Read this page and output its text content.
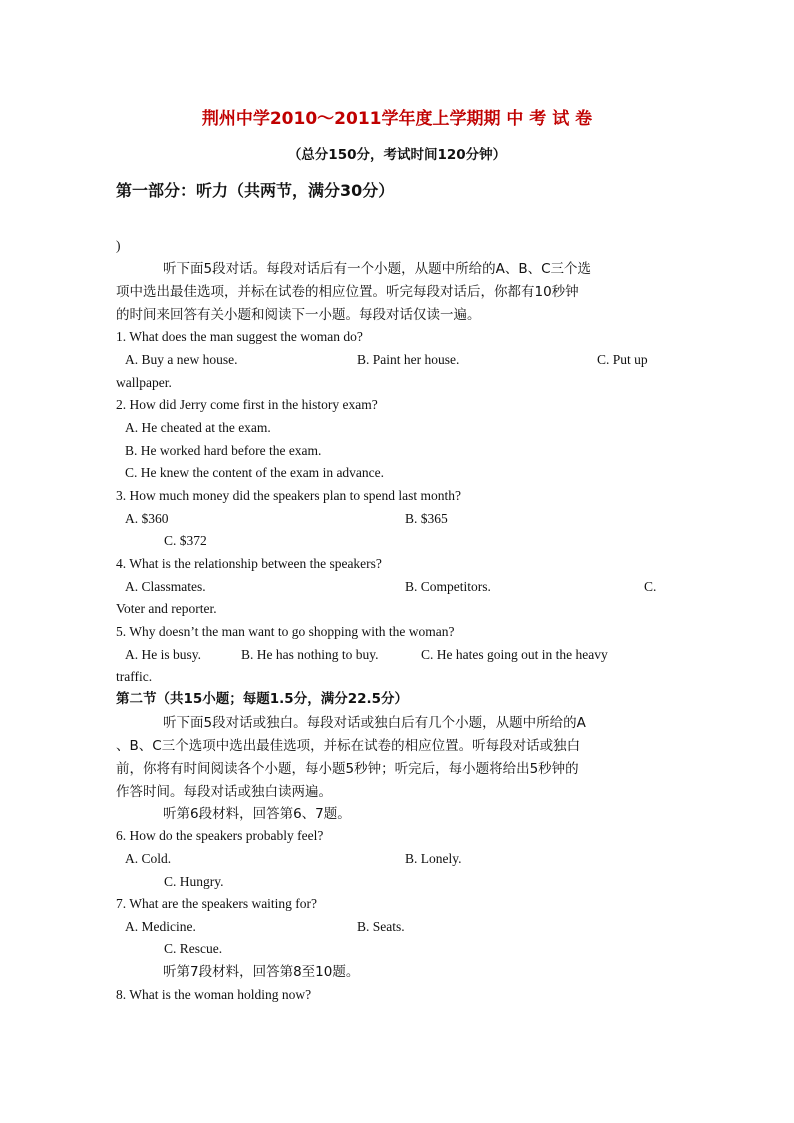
荆州中学2010～2011学年度上学期期 中 考 试 卷
（总分150分，考试时间120分钟）
第一部分：听力（共两节，满分30分）
)
听下面5段对话。每段对话后有一个小题，从题中所给的A、B、C三个选
项中选出最佳选项，并标在试卷的相应位置。听完每段对话后，你都有10秒钟
的时间来回答有关小题和阅读下一小题。每段对话仅读一遍。
1. What does the man suggest the woman do?
A. Buy a new house.	B. Paint her house.	C. Put up
wallpaper.
2. How did Jerry come first in the history exam?
A. He cheated at the exam.
B. He worked hard before the exam.
C. He knew the content of the exam in advance.
3. How much money did the speakers plan to spend last month?
A. $360	B. $365
C. $372
4. What is the relationship between the speakers?
A. Classmates.	B. Competitors.	C.
Voter and reporter.
5. Why doesn’t the man want to go shopping with the woman?
A. He is busy.	B. He has nothing to buy.	C. He hates going out in the heavy
traffic.
第二节（共15小题；每题1.5分，满分22.5分）
听下面5段对话或独白。每段对话或独白后有几个小题，从题中所给的A
、B、C三个选项中选出最佳选项，并标在试卷的相应位置。听每段对话或独白
前，你将有时间阅读各个小题，每小题5秒钟；听完后，每小题将给出5秒钟的
作答时间。每段对话或独白读两遍。
听第6段材料，回答第6、7题。
6. How do the speakers probably feel?
A. Cold.	B. Lonely.
C. Hungry.
7. What are the speakers waiting for?
A. Medicine.	B. Seats.
C. Rescue.
听第7段材料，回答第8至10题。
8. What is the woman holding now?
